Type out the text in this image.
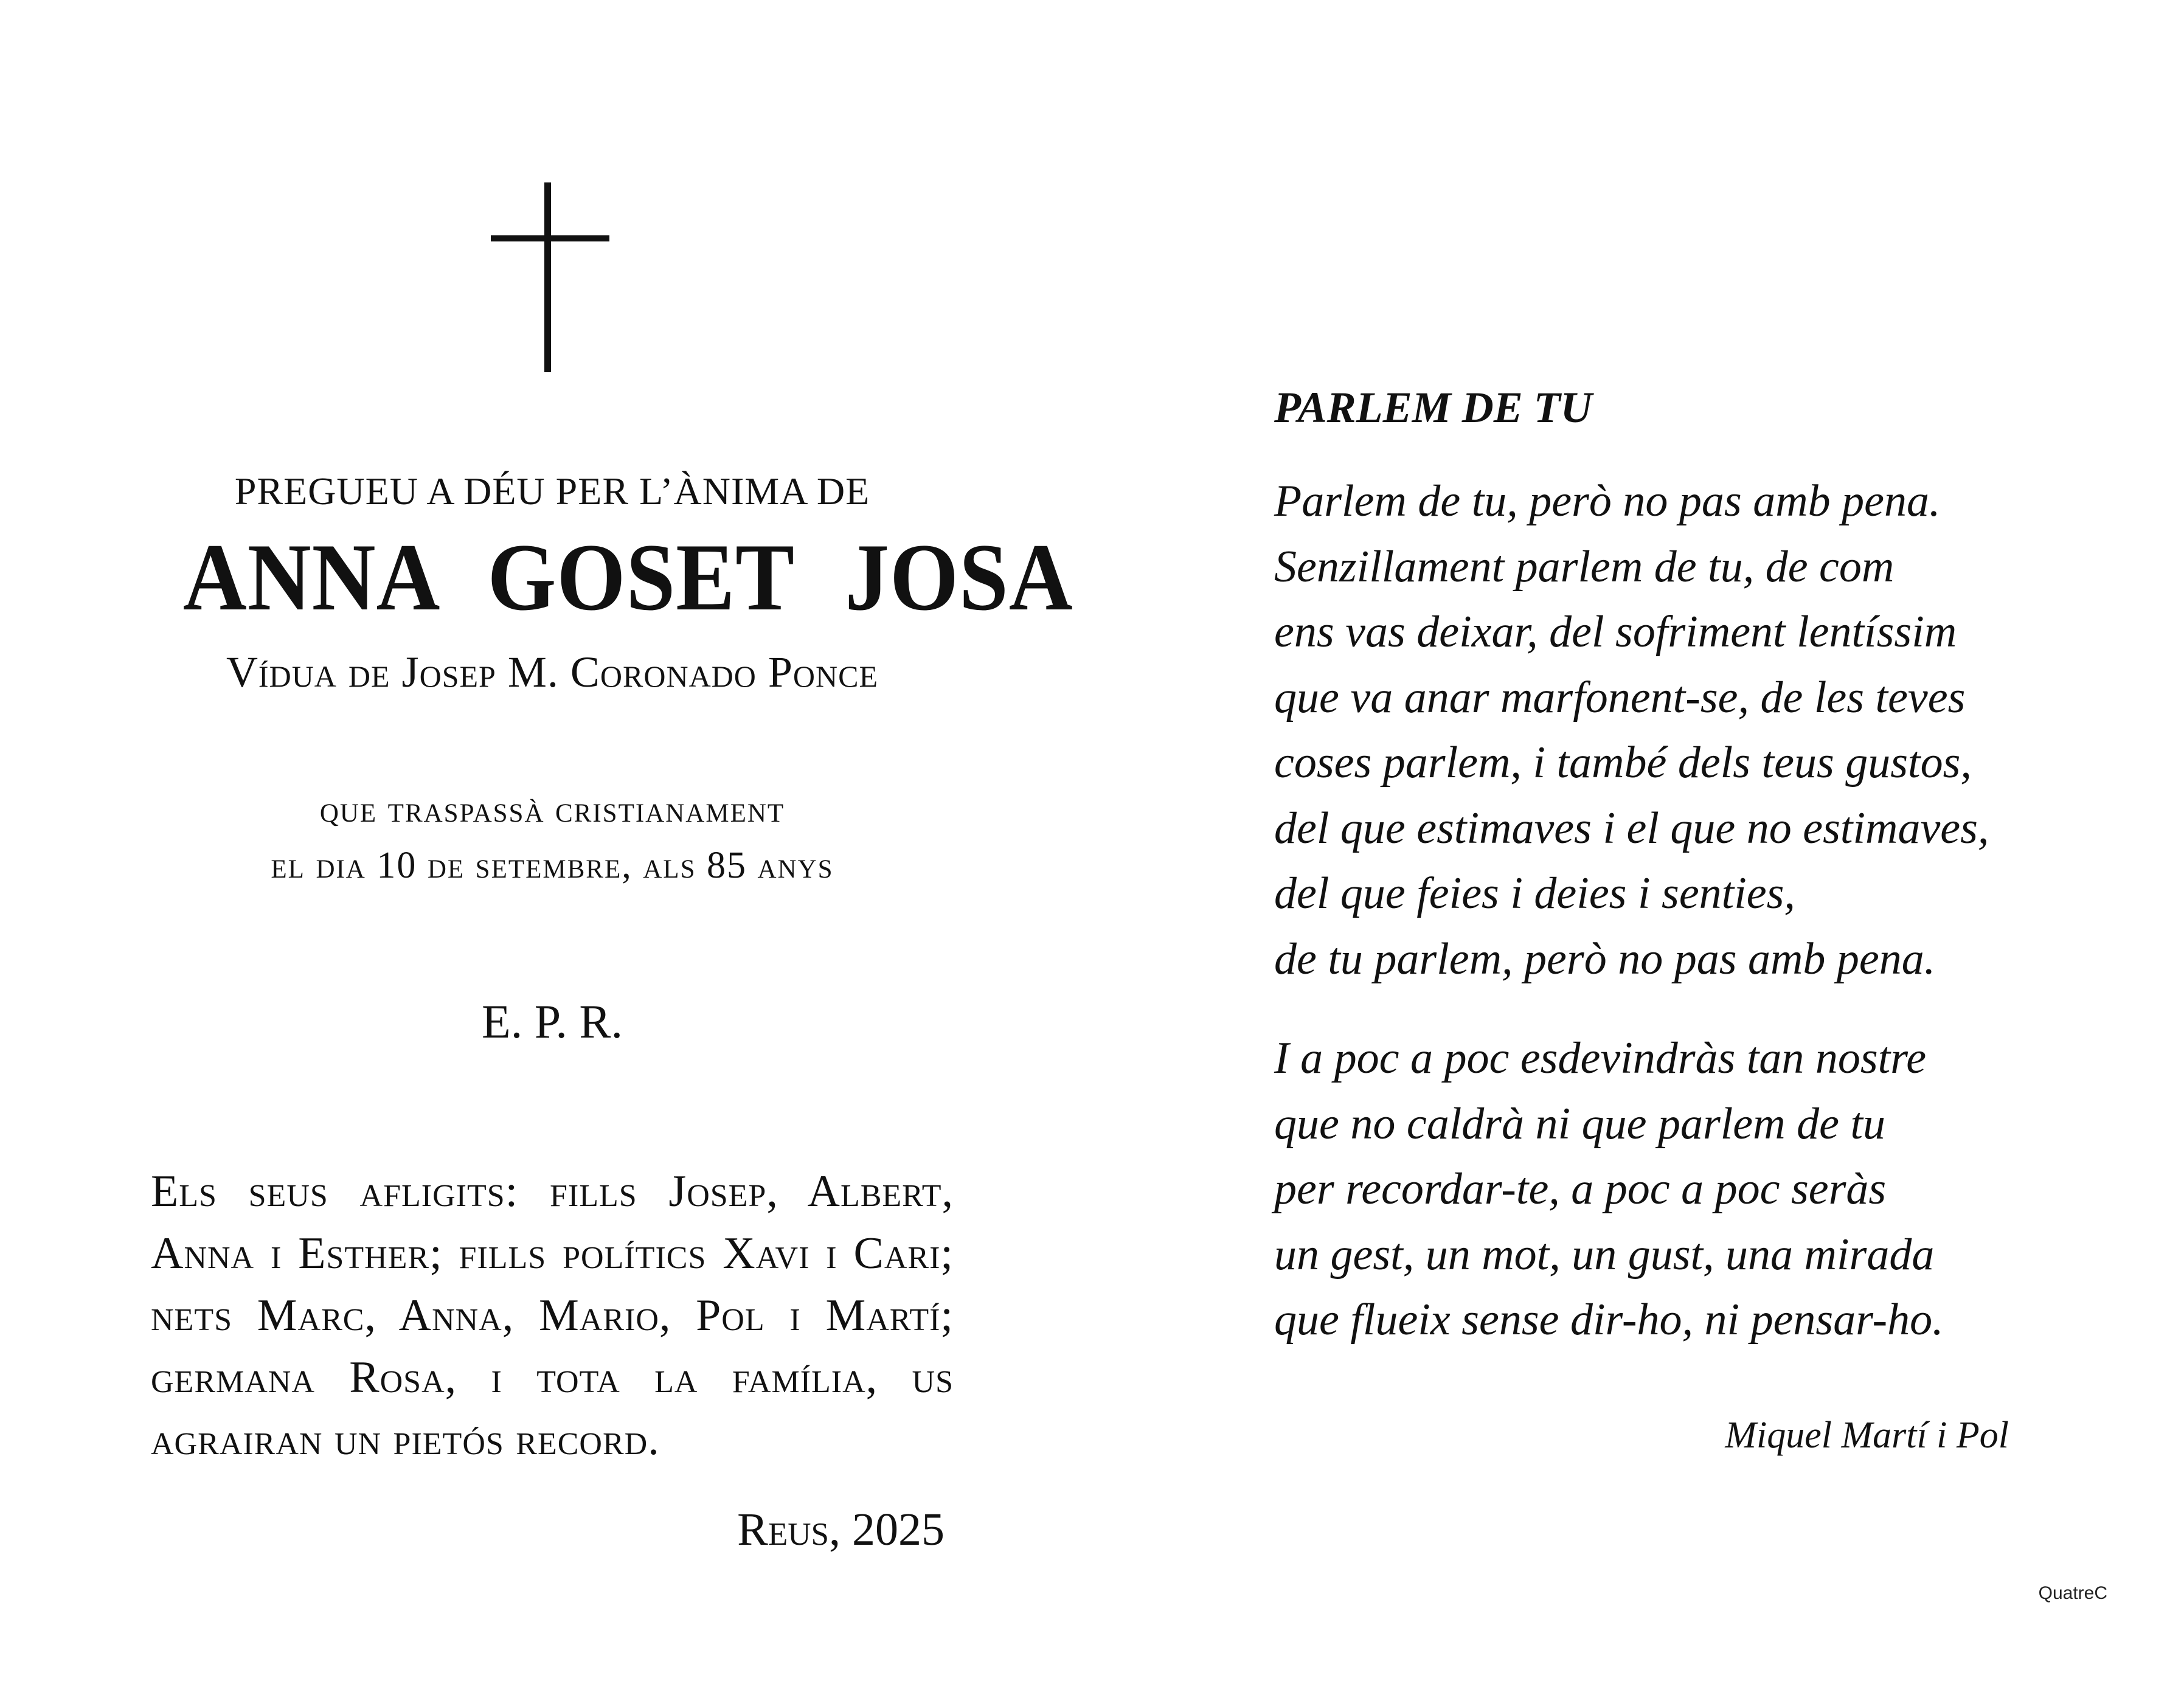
PREGUEU A DÉU PER L’ÀNIMA DE

ANNA GOSET JOSA

Vídua de Josep M. Coronado Ponce

que traspassà cristianament
el dia 10 de setembre, als 85 anys

E. P. R.

Els seus afligits: fills Josep, Albert, Anna i Esther; fills polítics Xavi i Cari; nets Marc, Anna, Mario, Pol i Martí; germana Rosa, i tota la família, us agrairan un pietós record.

Reus, 2025
PARLEM DE TU
Parlem de tu, però no pas amb pena.
Senzillament parlem de tu, de com
ens vas deixar, del sofriment lentíssim
que va anar marfonent-se, de les teves
coses parlem, i també dels teus gustos,
del que estimaves i el que no estimaves,
del que feies i deies i senties,
de tu parlem, però no pas amb pena.
I a poc a poc esdevindràs tan nostre
que no caldrà ni que parlem de tu
per recordar-te, a poc a poc seràs
un gest, un mot, un gust, una mirada
que flueix sense dir-ho, ni pensar-ho.
Miquel Martí i Pol
QuatreC
